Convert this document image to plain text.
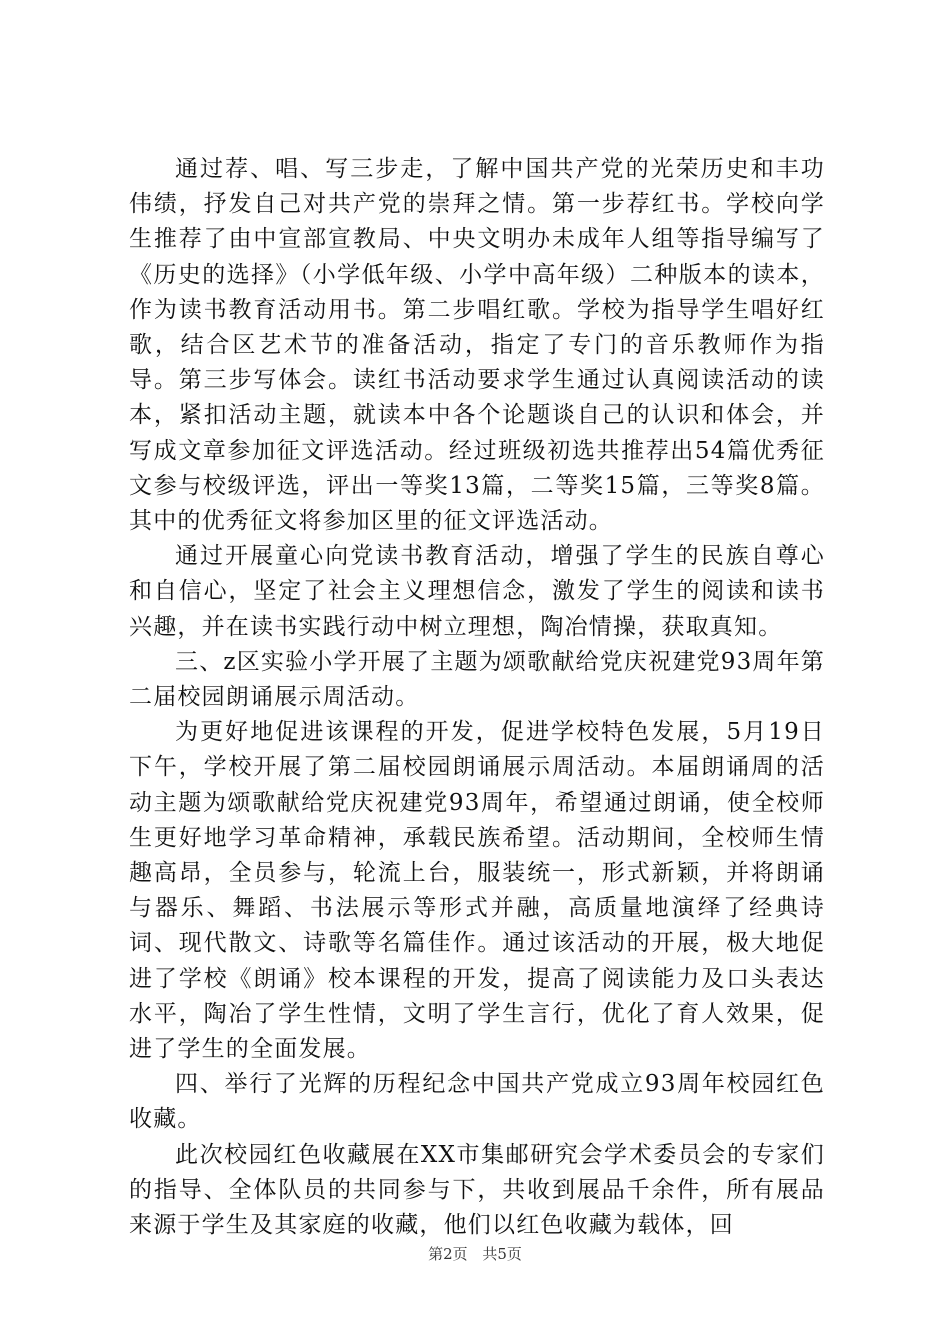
通过荐、唱、写三步走，了解中国共产党的光荣历史和丰功伟绩，抒发自己对共产党的崇拜之情。第一步荐红书。学校向学生推荐了由中宣部宣教局、中央文明办未成年人组等指导编写了《历史的选择》（小学低年级、小学中高年级）二种版本的读本，作为读书教育活动用书。第二步唱红歌。学校为指导学生唱好红歌，结合区艺术节的准备活动，指定了专门的音乐教师作为指导。第三步写体会。读红书活动要求学生通过认真阅读活动的读本，紧扣活动主题，就读本中各个论题谈自己的认识和体会，并写成文章参加征文评选活动。经过班级初选共推荐出54篇优秀征文参与校级评选，评出一等奖13篇，二等奖15篇，三等奖8篇。其中的优秀征文将参加区里的征文评选活动。

通过开展童心向党读书教育活动，增强了学生的民族自尊心和自信心，坚定了社会主义理想信念，激发了学生的阅读和读书兴趣，并在读书实践行动中树立理想，陶冶情操，获取真知。

三、z区实验小学开展了主题为颂歌献给党庆祝建党93周年第二届校园朗诵展示周活动。

为更好地促进该课程的开发，促进学校特色发展，5月19日下午，学校开展了第二届校园朗诵展示周活动。本届朗诵周的活动主题为颂歌献给党庆祝建党93周年，希望通过朗诵，使全校师生更好地学习革命精神，承载民族希望。活动期间，全校师生情趣高昂，全员参与，轮流上台，服装统一，形式新颖，并将朗诵与器乐、舞蹈、书法展示等形式并融，高质量地演绎了经典诗词、现代散文、诗歌等名篇佳作。通过该活动的开展，极大地促进了学校《朗诵》校本课程的开发，提高了阅读能力及口头表达水平，陶冶了学生性情，文明了学生言行，优化了育人效果，促进了学生的全面发展。

四、举行了光辉的历程纪念中国共产党成立93周年校园红色收藏。

此次校园红色收藏展在XX市集邮研究会学术委员会的专家们的指导、全体队员的共同参与下，共收到展品千余件，所有展品来源于学生及其家庭的收藏，他们以红色收藏为载体，回

第2页 共5页
